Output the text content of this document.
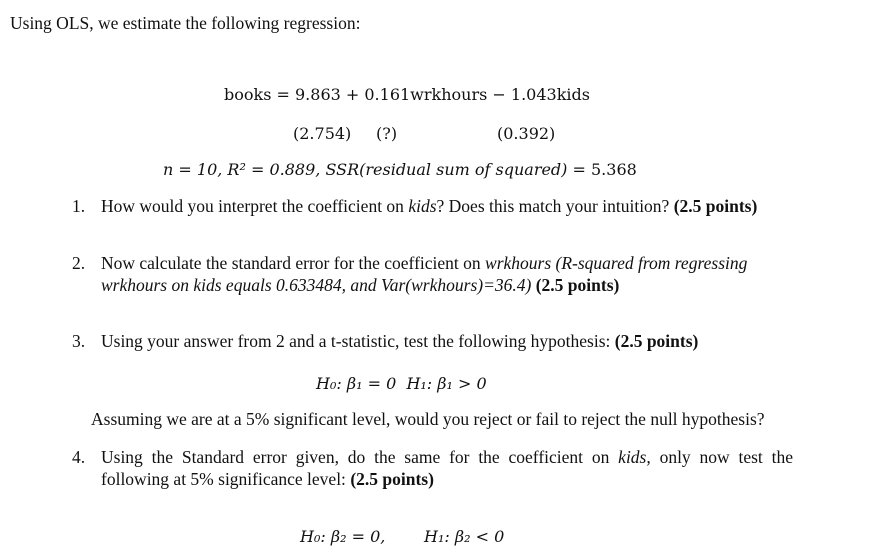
Using OLS, we estimate the following regression:
books = 9.863 + 0.161wrkhours − 1.043kids
(2.754) (?)	(0.392)
n = 10, R² = 0.889, SSR(residual sum of squared) = 5.368
1. How would you interpret the coefficient on kids? Does this match your intuition? (2.5 points)
2. Now calculate the standard error for the coefficient on wrkhours (R-squared from regressing
wrkhours on kids equals 0.633484, and Var(wrkhours)=36.4) (2.5 points)
3. Using your answer from 2 and a t-statistic, test the following hypothesis: (2.5 points)
H₀: β₁ = 0  H₁: β₁ > 0
Assuming we are at a 5% significant level, would you reject or fail to reject the null hypothesis?
4. Using the Standard error given, do the same for the coefficient on kids, only now test the
following at 5% significance level: (2.5 points)
H₀: β₂ = 0, H₁: β₂ < 0
